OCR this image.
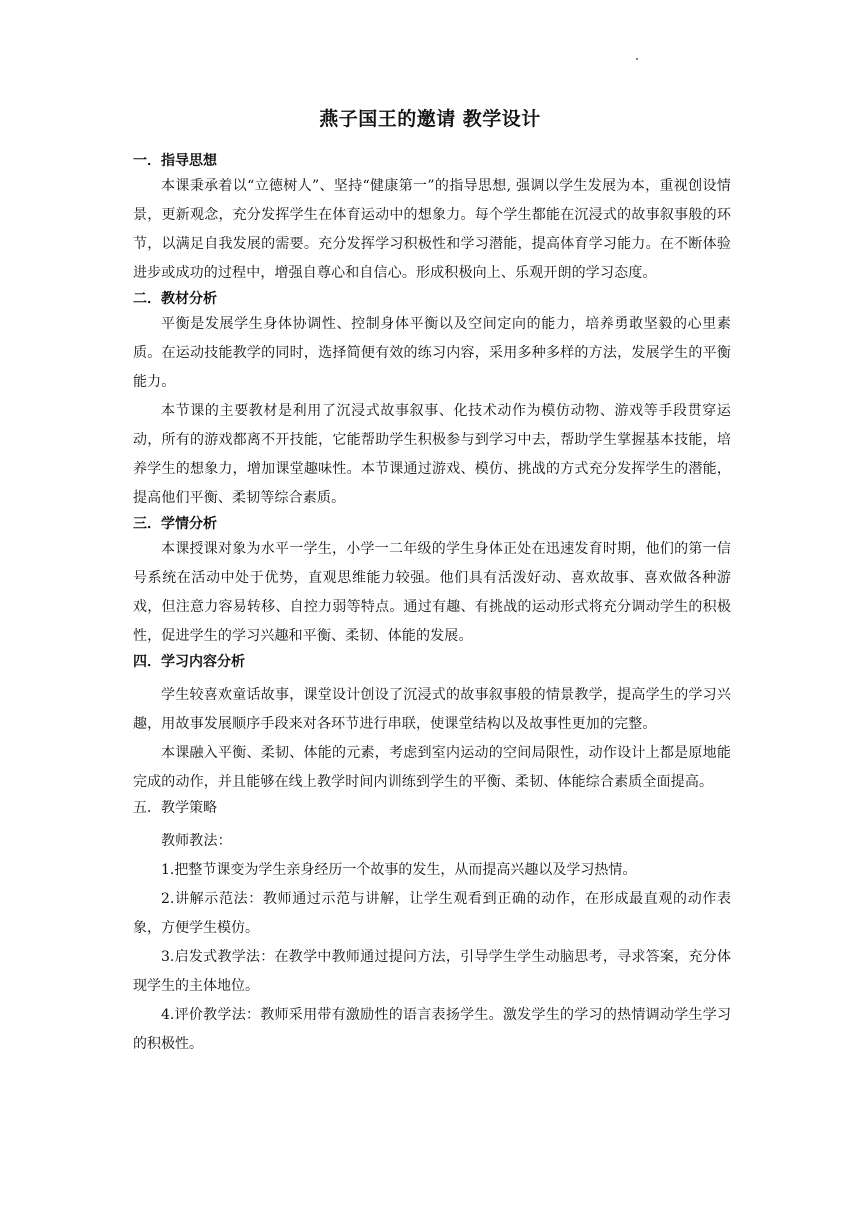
燕子国王的邀请 教学设计
一．指导思想

本课秉承着以“立德树人”、坚持“健康第一”的指导思想, 强调以学生发展为本，重视创设情景，更新观念，充分发挥学生在体育运动中的想象力。每个学生都能在沉浸式的故事叙事般的环节，以满足自我发展的需要。充分发挥学习积极性和学习潜能，提高体育学习能力。在不断体验进步或成功的过程中，增强自尊心和自信心。形成积极向上、乐观开朗的学习态度。

二．教材分析

平衡是发展学生身体协调性、控制身体平衡以及空间定向的能力，培养勇敢坚毅的心里素质。在运动技能教学的同时，选择简便有效的练习内容，采用多种多样的方法，发展学生的平衡能力。

本节课的主要教材是利用了沉浸式故事叙事、化技术动作为模仿动物、游戏等手段贯穿运动，所有的游戏都离不开技能，它能帮助学生积极参与到学习中去，帮助学生掌握基本技能，培养学生的想象力，增加课堂趣味性。本节课通过游戏、模仿、挑战的方式充分发挥学生的潜能，提高他们平衡、柔韧等综合素质。

三．学情分析

本课授课对象为水平一学生，小学一二年级的学生身体正处在迅速发育时期，他们的第一信号系统在活动中处于优势，直观思维能力较强。他们具有活泼好动、喜欢故事、喜欢做各种游戏，但注意力容易转移、自控力弱等特点。通过有趣、有挑战的运动形式将充分调动学生的积极性，促进学生的学习兴趣和平衡、柔韧、体能的发展。

四．学习内容分析

学生较喜欢童话故事，课堂设计创设了沉浸式的故事叙事般的情景教学，提高学生的学习兴趣，用故事发展顺序手段来对各环节进行串联，使课堂结构以及故事性更加的完整。

本课融入平衡、柔韧、体能的元素，考虑到室内运动的空间局限性，动作设计上都是原地能完成的动作，并且能够在线上教学时间内训练到学生的平衡、柔韧、体能综合素质全面提高。

五．教学策略

教师教法：

1.把整节课变为学生亲身经历一个故事的发生，从而提高兴趣以及学习热情。

2.讲解示范法：教师通过示范与讲解，让学生观看到正确的动作，在形成最直观的动作表象，方便学生模仿。

3.启发式教学法：在教学中教师通过提问方法，引导学生学生动脑思考，寻求答案，充分体现学生的主体地位。

4.评价教学法：教师采用带有激励性的语言表扬学生。激发学生的学习的热情调动学生学习的积极性。
